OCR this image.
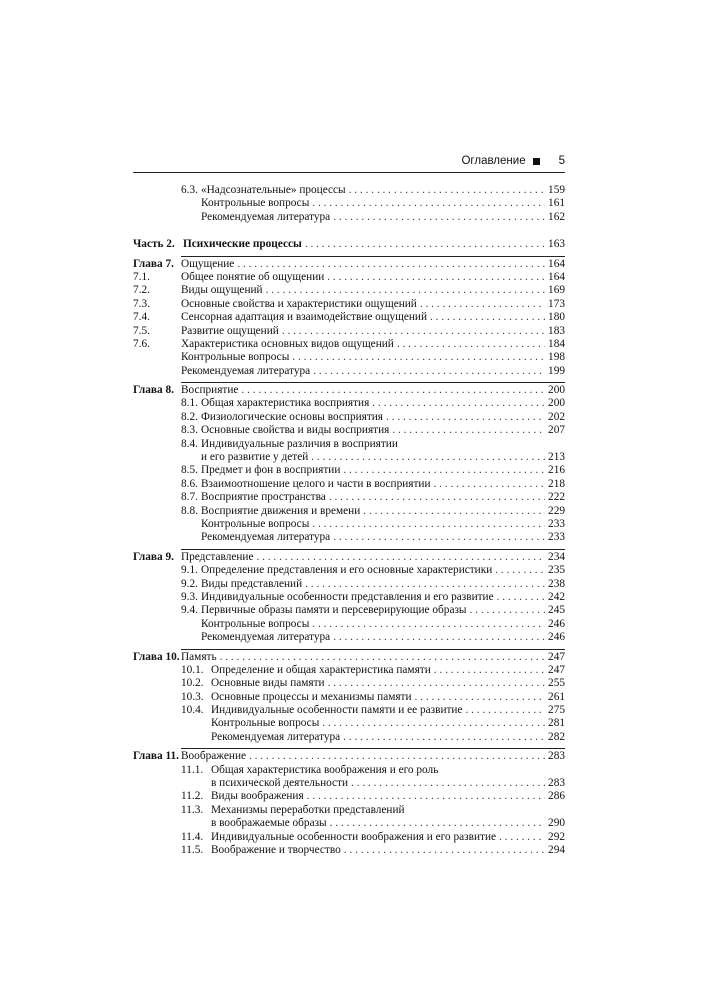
Оглавление	5
6.3. «Надсознательные» процессы . . .	159
Контрольные вопросы . . .	161
Рекомендуемая литература . . .	162
Часть 2. Психические процессы . . .	163
Глава 7. Ощущение . . .	164
7.1.	Общее понятие об ощущении . . .	164
7.2.	Виды ощущений . . .	169
7.3.	Основные свойства и характеристики ощущений . . .	173
7.4.	Сенсорная адаптация и взаимодействие ощущений . . .	180
7.5.	Развитие ощущений . . .	183
7.6.	Характеристика основных видов ощущений . . .	184
Контрольные вопросы . . .	198
Рекомендуемая литература . . .	199
Глава 8. Восприятие . . .	200
8.1. Общая характеристика восприятия . . .	200
8.2. Физиологические основы восприятия . . .	202
8.3. Основные свойства и виды восприятия . . .	207
8.4. Индивидуальные различия в восприятии
и его развитие у детей . . .	213
8.5. Предмет и фон в восприятии . . .	216
8.6. Взаимоотношение целого и части в восприятии . . .	218
8.7. Восприятие пространства . . .	222
8.8. Восприятие движения и времени . . .	229
Контрольные вопросы . . .	233
Рекомендуемая литература . . .	233
Глава 9. Представление . . .	234
9.1. Определение представления и его основные характеристики . . .	235
9.2. Виды представлений . . .	238
9.3. Индивидуальные особенности представления и его развитие . . .	242
9.4. Первичные образы памяти и персеверирующие образы . . .	245
Контрольные вопросы . . .	246
Рекомендуемая литература . . .	246
Глава 10. Память . . .	247
10.1. Определение и общая характеристика памяти . . .	247
10.2. Основные виды памяти . . .	255
10.3. Основные процессы и механизмы памяти . . .	261
10.4. Индивидуальные особенности памяти и ее развитие . . .	275
Контрольные вопросы . . .	281
Рекомендуемая литература . . .	282
Глава 11. Воображение . . .	283
11.1. Общая характеристика воображения и его роль
в психической деятельности . . .	283
11.2. Виды воображения . . .	286
11.3. Механизмы переработки представлений
в воображаемые образы . . .	290
11.4. Индивидуальные особенности воображения и его развитие . . .	292
11.5. Воображение и творчество . . .	294
